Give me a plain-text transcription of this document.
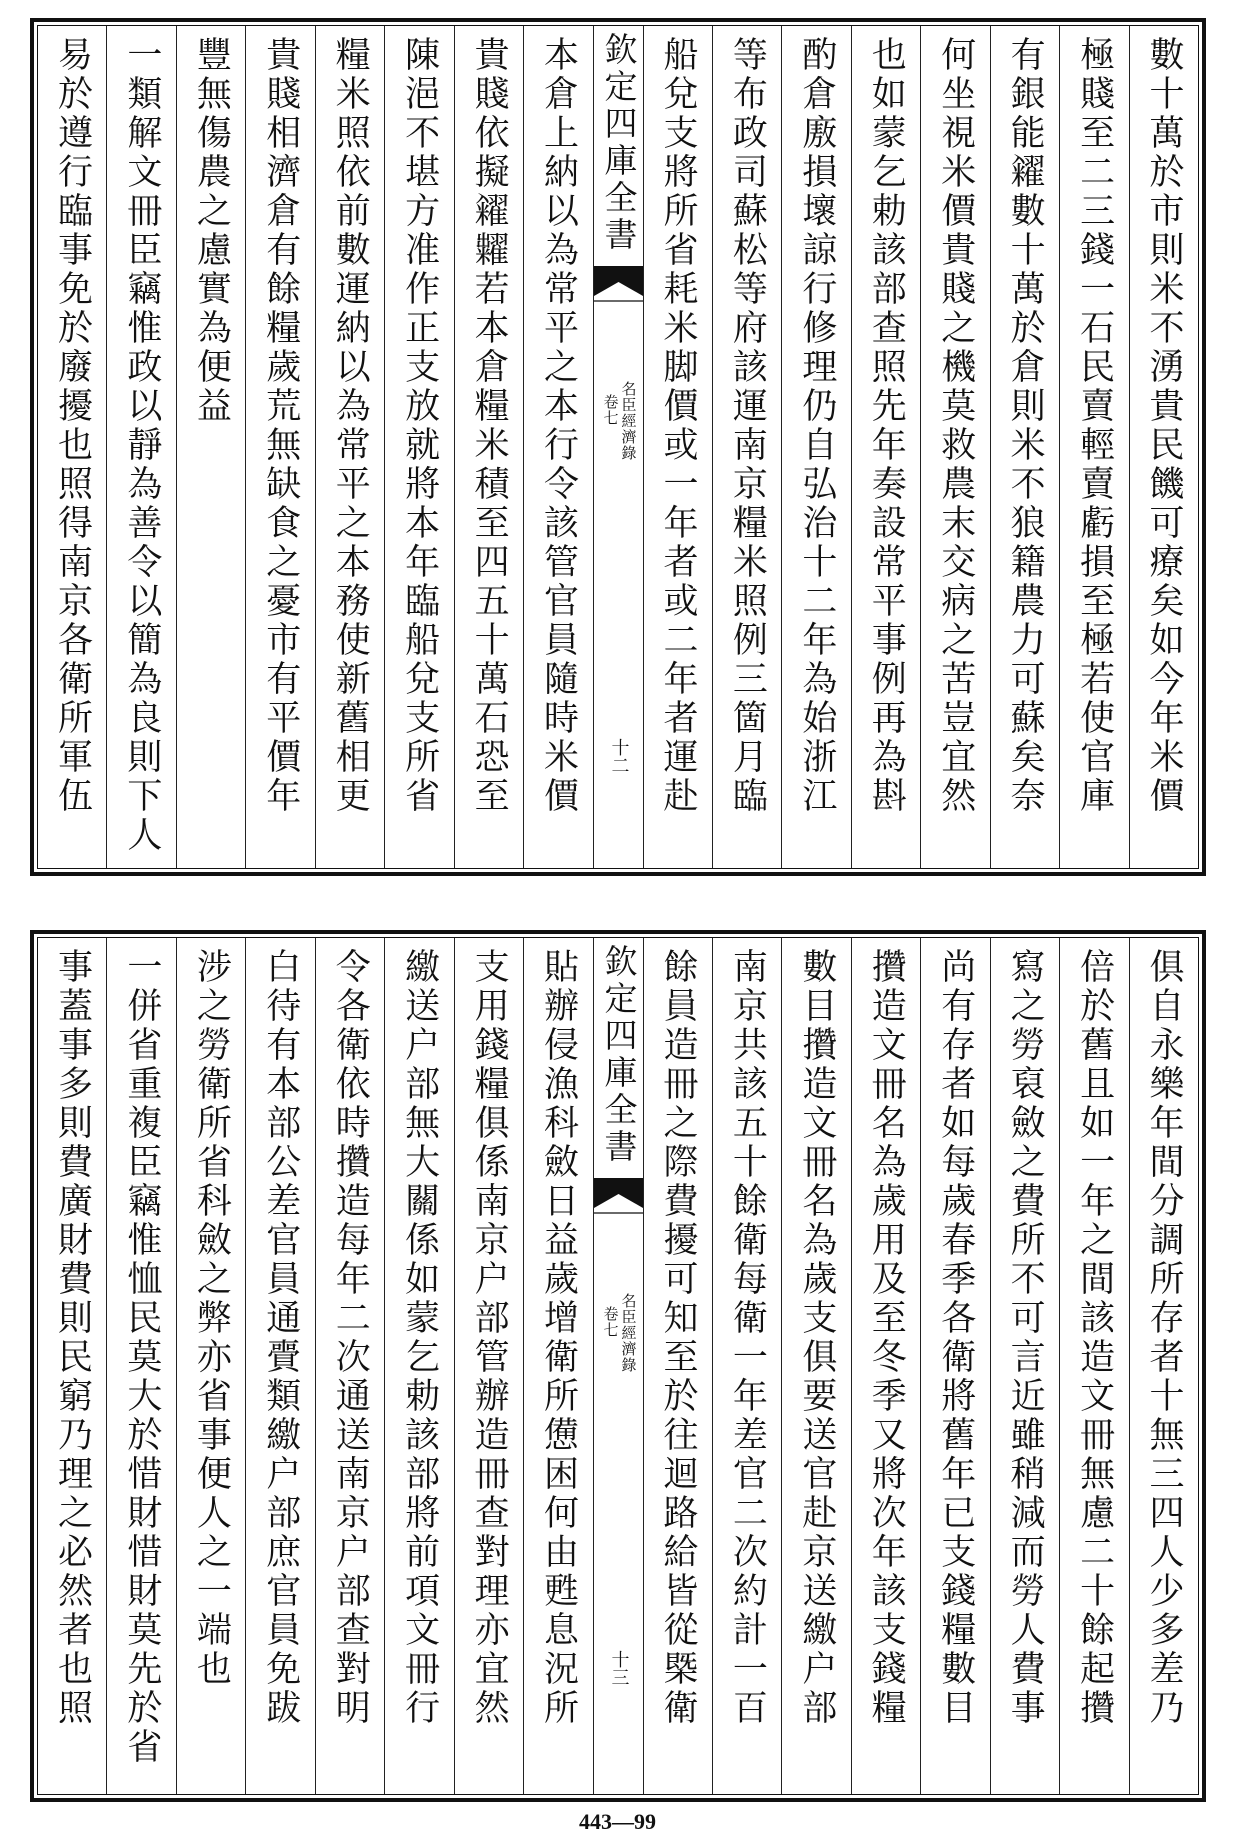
數十萬於市則米不湧貴民饑可療矣如今年米價
極賤至二三錢一石民賣輕賣虧損至極若使官庫
有銀能糴數十萬於倉則米不狼籍農力可蘇矣奈
何坐視米價貴賤之機莫救農末交病之苦豈宜然
也如蒙乞勅該部查照先年奏設常平事例再為斟
酌倉廒損壞諒行修理仍自弘治十二年為始浙江
等布政司蘇松等府該運南京糧米照例三箇月臨
船兌支將所省耗米脚價或一年者或二年者運赴
欽定四庫全書
名臣經濟錄
卷七
十二
本倉上納以為常平之本行令該管官員隨時米價
貴賤依擬糴糶若本倉糧米積至四五十萬石恐至
陳浥不堪方准作正支放就將本年臨船兌支所省
糧米照依前數運納以為常平之本務使新舊相更
貴賤相濟倉有餘糧歲荒無缺食之憂市有平價年
豐無傷農之慮實為便益
一類解文冊臣竊惟政以靜為善令以簡為良則下人
易於遵行臨事免於廢擾也照得南京各衛所軍伍
俱自永樂年間分調所存者十無三四人少多差乃
倍於舊且如一年之間該造文冊無慮二十餘起攢
寫之勞裒斂之費所不可言近雖稍減而勞人費事
尚有存者如每歲春季各衛將舊年已支錢糧數目
攢造文冊名為歲用及至冬季又將次年該支錢糧
數目攢造文冊名為歲支俱要送官赴京送繳户部
南京共該五十餘衛每衛一年差官二次約計一百
餘員造冊之際費擾可知至於往迴路給皆從槩衛
欽定四庫全書
名臣經濟錄
卷七
十三
貼辦侵漁科斂日益歲增衛所憊困何由甦息況所
支用錢糧俱係南京户部管辦造冊查對理亦宜然
繳送户部無大關係如蒙乞勅該部將前項文冊行
令各衛依時攢造每年二次通送南京户部查對明
白待有本部公差官員通賷類繳户部庶官員免跋
涉之勞衛所省科斂之弊亦省事便人之一端也
一併省重複臣竊惟恤民莫大於惜財惜財莫先於省
事蓋事多則費廣財費則民窮乃理之必然者也照
443—99
